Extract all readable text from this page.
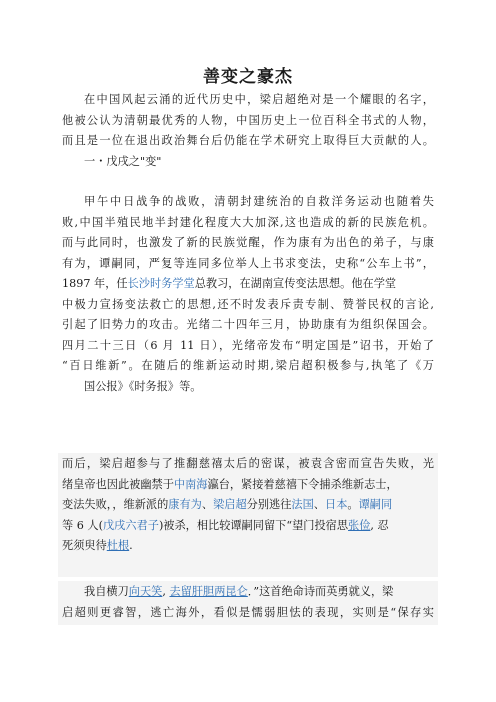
善变之豪杰
在中国风起云涌的近代历史中，梁启超绝对是一个耀眼的名字，
他被公认为清朝最优秀的人物，中国历史上一位百科全书式的人物，
而且是一位在退出政治舞台后仍能在学术研究上取得巨大贡献的人。
一・戊戌之"变"
甲午中日战争的战败，清朝封建统治的自救洋务运动也随着失
败,中国半殖民地半封建化程度大大加深,这也造成的新的民族危机。
而与此同时，也激发了新的民族觉醒，作为康有为出色的弟子，与康
有为，谭嗣同，严复等连同多位举人上书求变法，史称“公车上书”，
1897 年，任长沙时务学堂总教习，在湖南宣传变法思想。他在学堂
中极力宣扬变法救亡的思想,还不时发表斥责专制、赞誉民权的言论,
引起了旧势力的攻击。光绪二十四年三月，协助康有为组织保国会。
四月二十三日（6 月 11 日），光绪帝发布“明定国是”诏书，开始了
“百日维新”。在随后的维新运动时期,梁启超积极参与,执笔了《万
国公报》《时务报》等。
而后，梁启超参与了推翻慈禧太后的密谋，被袁含密而宣告失败，光
绪皇帝也因此被幽禁于中南海瀛台，紧接着慈禧下令捕杀维新志士，
变法失败，，维新派的康有为、梁启超分别逃往法国、日本。谭嗣同
等 6 人(戊戌六君子)被杀，相比较谭嗣同留下“望门投宿思张俭, 忍
死须臾待杜根.
我自横刀向天笑, 去留肝胆两昆仑．”这首绝命诗而英勇就义，梁
启超则更睿智，逃亡海外，看似是懦弱胆怯的表现，实则是“保存实
